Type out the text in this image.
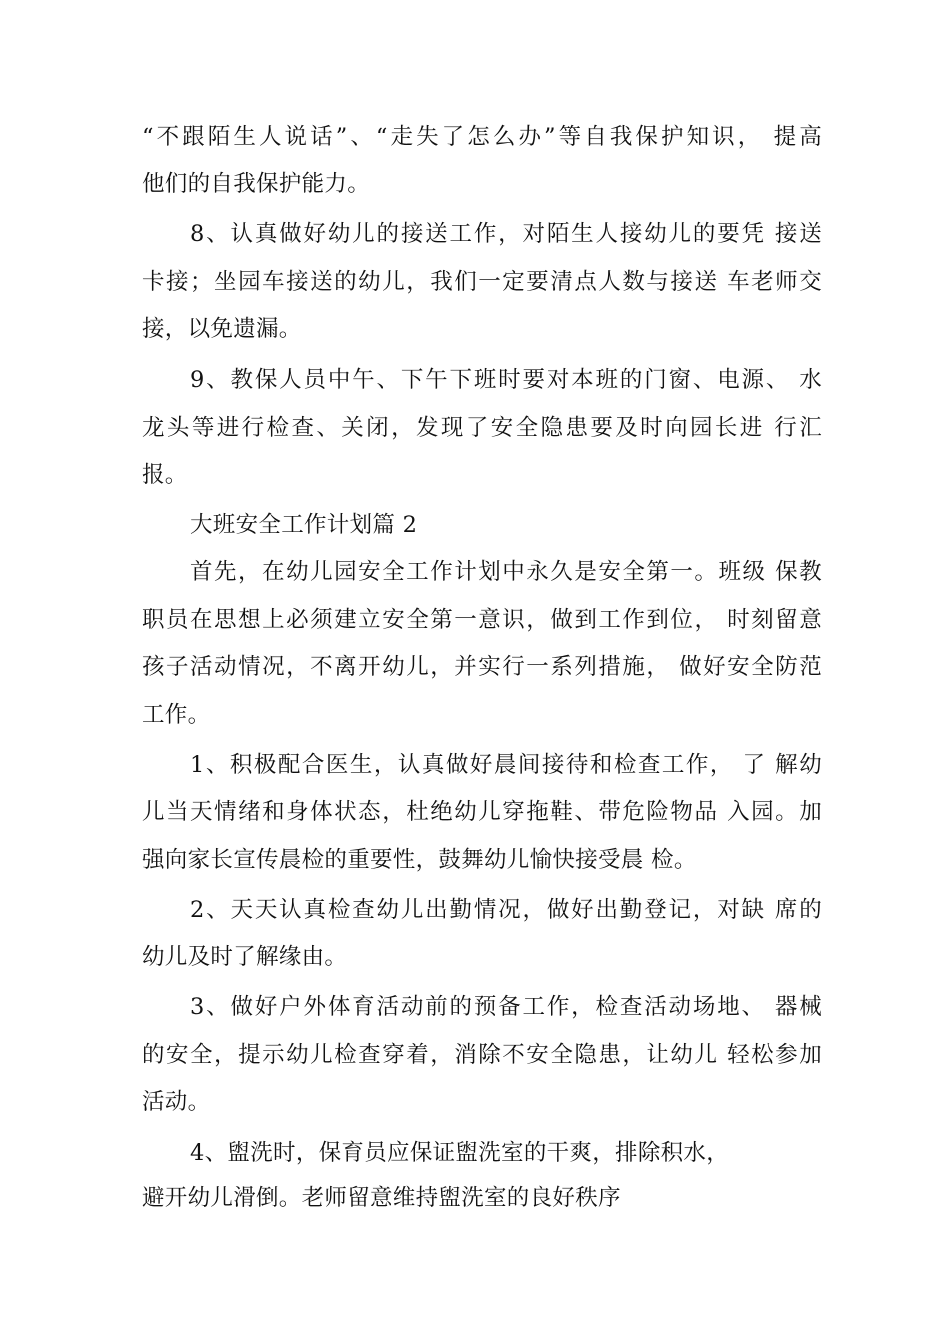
“不跟陌生人说话”、“走失了怎么办”等自我保护知识， 提高
他们的自我保护能力。
8、认真做好幼儿的接送工作，对陌生人接幼儿的要凭 接送
卡接；坐园车接送的幼儿，我们一定要清点人数与接送 车老师交
接，以免遗漏。
9、教保人员中午、下午下班时要对本班的门窗、电源、 水
龙头等进行检查、关闭，发现了安全隐患要及时向园长进 行汇
报。
大班安全工作计划篇 2
首先，在幼儿园安全工作计划中永久是安全第一。班级 保教
职员在思想上必须建立安全第一意识，做到工作到位， 时刻留意
孩子活动情况，不离开幼儿，并实行一系列措施， 做好安全防范
工作。
1、积极配合医生，认真做好晨间接待和检查工作， 了 解幼
儿当天情绪和身体状态，杜绝幼儿穿拖鞋、带危险物品 入园。加
强向家长宣传晨检的重要性，鼓舞幼儿愉快接受晨 检。
2、天天认真检查幼儿出勤情况，做好出勤登记，对缺 席的
幼儿及时了解缘由。
3、做好户外体育活动前的预备工作，检查活动场地、 器械
的安全，提示幼儿检查穿着，消除不安全隐患，让幼儿 轻松参加
活动。
4、盥洗时，保育员应保证盥洗室的干爽，排除积水，
避开幼儿滑倒。老师留意维持盥洗室的良好秩序
